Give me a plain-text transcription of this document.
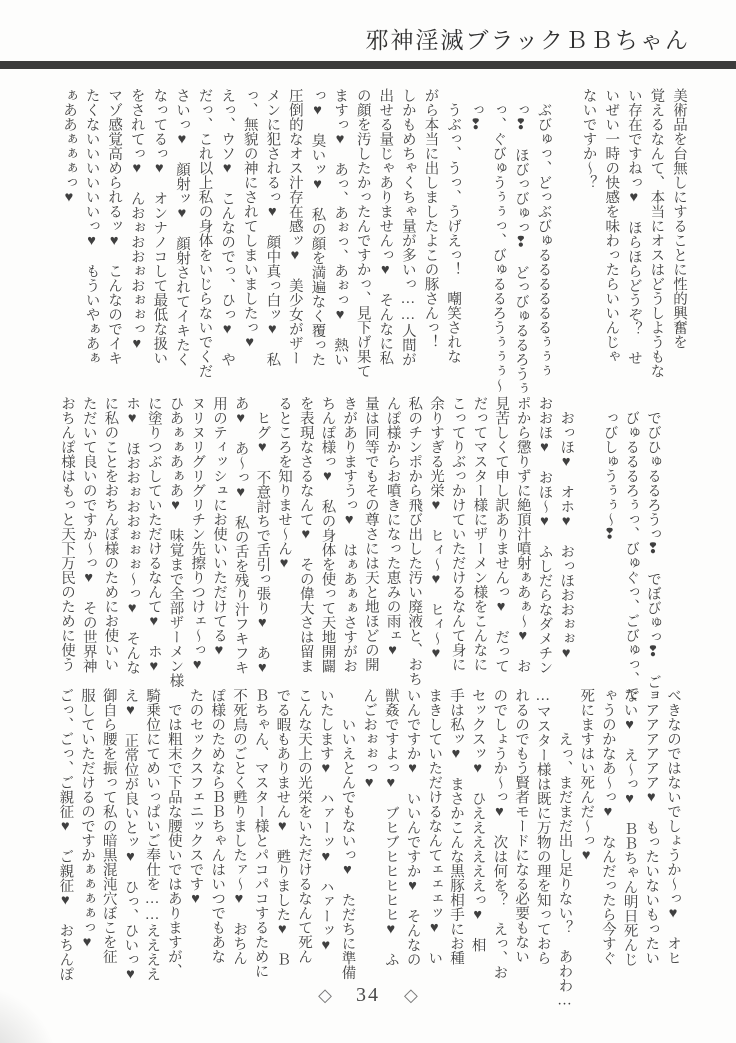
邪神淫滅ブラックＢＢちゃん
美術品を台無しにすることに性的興奮を
覚えるなんて、本当にオスはどうしようもな
い存在ですねっ♥　ほらほらどうぞ？　せ
いぜい一時の快感を味わったらいいんじゃ
ないですか～？

　ぶびゅっ、どっぶびゅるるるるるるぅぅぅ
　っ❢　ほびっびゅっ❢　どっびゅるるろうぅ
　っ、ぐびゅうぅぅっ、びゅるるろうぅぅぅ～
　っ❢
　うぶっ、うっ、うげえっ！　嘲笑されな
がら本当に出しましたよこの豚さんっ！
しかもめちゃくちゃ量が多いっ……人間が
出せる量じゃありませんっ♥　そんなに私
の顔を汚したかったんですかっ、見下げ果て
ますっ♥　あっ、あぉっ、あぉっ♥　熱い
っ♥　臭いッ♥　私の顔を満遍なく覆った
圧倒的なオス汁存在感ッ♥　美少女がザー
メンに犯されるっ♥　顔中真っ白ッ♥　私
っ、無貌の神にされてしまいましたっ♥
えっ、ウソ♥　こんなのでっ、ひっ♥　や
だっ、これ以上私の身体をいじらないでくだ
さいっ♥　顔射ッ♥　顔射されてイキたく
なってるっ♥　オンナノコして最低な扱い
をされてっ♥　んおぉおおぉおぉぉっ♥
マゾ感覚高められるッ♥　こんなのでイキ
たくないいいいいいっ♥　もういやぁあぁ
ぁああぁぁぁっ♥
　でびひゅるるろうっ❢　でぼびゅっ❢　ご
　びゅるるるろぅっ、びゅぐっ、ごびゅっ、で
　っびしゅうぅぅ～❢

　おっほ♥　オホ♥　おっほおおぉぉ♥
おおほ♥　おほ～♥　ふしだらなダメチン
ポから懲りずに絶頂汁噴射ぁあぁ～♥　お
見苦しくて申し訳ありませんっ♥　だって
だってマスター様にザーメン様をこんなに
こってりぶっかけていただけるなんて身に
余りすぎる光栄♥　ヒィ～♥　ヒィ～♥
私のチンポから飛び出した汚い廃液と、おち
んぽ様からお噴きになった恵みの雨ェ♥
量は同等でもその尊さには天と地ほどの開
きがありますうっ♥　はぁあぁぁさすがお
ちんぽ様っ♥　私の身体を使って天地開闢
を表現なさるなんて♥　その偉大さは留ま
るところを知りませ～ん♥
　ヒグ♥　不意討ちで舌引っ張り♥　あ♥
あ♥　あ～っ♥　私の舌を残り汁フキフキ
用のティッシュにお使いいただけてる♥
ヌリヌリグリグリチン先擦りつけェ～っ♥
ひあぁぁあぁあ♥　味覚まで全部ザーメン様
に塗りつぶしていただけるなんて♥　ホ♥
ホ♥　ほおおぉおおぉぉぉ～っ♥　そんな
に私のことをおちんぽ様のためにお使いい
ただいて良いのですか～っ♥　その世界神
おちんぽ様はもっと天下万民のために使う
べきなのではないでしょうか～っ♥　オヒ
ョアアアアアア♥　もったいないもったい
ない♥　え～っ♥　ＢＢちゃん明日死んじ
ゃうのかなあ～っ♥　なんだったら今すぐ
死にますはい死んだ～っ♥
　　　えっ、まだまだ出し足りない？　あわわ…
…マスター様は既に万物の理を知っておら
れるのでもう賢者モードになる必要もない
のでしょうか～っ♥　次は何を？　えっ、お
セックスッ♥　ひええええええっ♥　相
手は私ッ♥　まさかこんな黒豚相手にお種
まきしていただけるなんてェェェッ♥　い
いんですか♥　いいんですか♥　そんなの
獣姦ですよっ♥　ブヒブヒヒヒヒヒ♥　ふ
んごおぉぉっ♥
　　いいえとんでもないっ♥　ただちに準備
いたします♥　ハァーッ♥　ハァーッ♥
こんな天上の光栄をいただけるなんて死ん
でる暇もありません♥　甦りました♥　Ｂ
Ｂちゃん、マスター様とパコパコするために
不死鳥のごとく甦りましたァ～♥　おちん
ぽ様のためならＢＢちゃんはいつでもあな
たのセックスフェニックスです♥
　では粗末で下品な腰使いではありますが、
騎乗位にてめいっぱいご奉仕を……ええええ
え♥　正常位が良いとッ♥　ひっ、ひいっ♥
御自ら腰を振って私の暗黒混沌穴ぼこを征
服していただけるのですかぁぁぁぁっ♥
ごっ、ごっ、ご親征♥　ご親征♥　おちんぽ
◇ 34 ◇
